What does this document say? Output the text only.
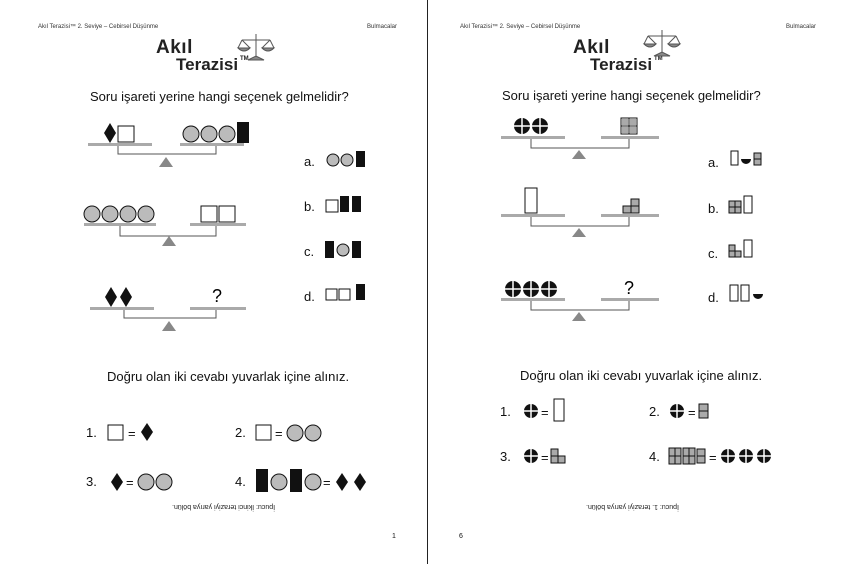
Akıl Terazisi™ 2. Seviye – Cebirsel Düşünme	Bulmacalar
Akıl
Terazisi TM
?
Soru işareti yerine hangi seçenek gelmelidir?
a.
b.
c.
d.
Doğru olan iki cevabı yuvarlak içine alınız.
1. =	2. =
3. =	4.	=
İpucu: İkinci teraziyi yarıya bölün.
1
Akıl Terazisi™ 2. Seviye – Cebirsel Düşünme	Bulmacalar
Akıl
Terazisi TM
?
Soru işareti yerine hangi seçenek gelmelidir?
a.
b.
c.
d.
Doğru olan iki cevabı yuvarlak içine alınız.
1. =	2. =
3. =	4.	=
İpucu: 1. teraziyi yarıya bölün.
6
